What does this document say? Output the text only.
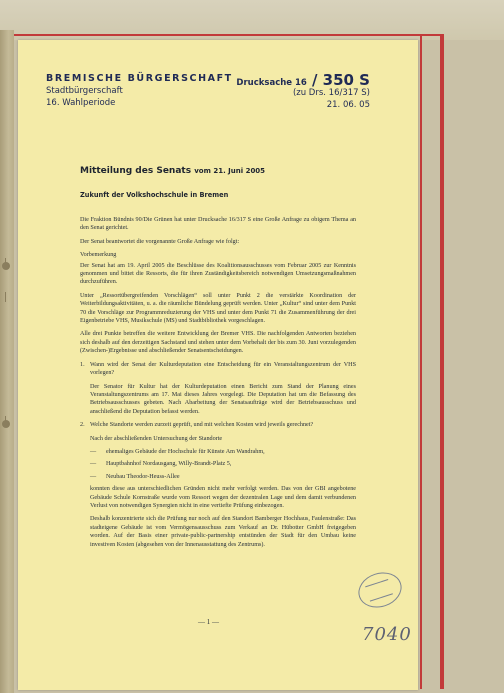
BREMISCHE BÜRGERSCHAFT
Stadtbürgerschaft
16. Wahlperiode
Drucksache 16 / 350 S
(zu Drs. 16/317 S)
21. 06. 05
Mitteilung des Senats vom 21. Juni 2005
Zukunft der Volkshochschule in Bremen

Die Fraktion Bündnis 90/Die Grünen hat unter Drucksache 16/317 S eine Große Anfrage zu obigem Thema an den Senat gerichtet.

Der Senat beantwortet die vorgenannte Große Anfrage wie folgt:

Vorbemerkung

Der Senat hat am 19. April 2005 die Beschlüsse des Koalitionsausschusses vom Februar 2005 zur Kenntnis genommen und bittet die Ressorts, die für ihren Zuständigkeitsbereich notwendigen Umsetzungsmaßnahmen durchzuführen.

Unter „Ressortübergreifenden Vorschlägen“ soll unter Punkt 2 die verstärkte Koordination der Weiterbildungsaktivitäten, u. a. die räumliche Bündelung geprüft werden. Unter „Kultur“ sind unter dem Punkt 70 die Vorschläge zur Programmreduzierung der VHS und unter dem Punkt 71 die Zusammenführung der drei Eigenbetriebe VHS, Musikschule (MS) und Stadtbibliothek vorgeschlagen.

Alle drei Punkte betreffen die weitere Entwicklung der Bremer VHS. Die nachfolgenden Antworten beziehen sich deshalb auf den derzeitigen Sachstand und stehen unter dem Vorbehalt der bis zum 30. Juni vorzulegenden (Zwischen-)Ergebnisse und abschließender Senatsentscheidungen.

1. Wann wird der Senat der Kulturdeputation eine Entscheidung für ein Veranstaltungszentrum der VHS vorlegen?

Der Senator für Kultur hat der Kulturdeputation einen Bericht zum Stand der Planung eines Veranstaltungszentrums am 17. Mai dieses Jahres vorgelegt. Die Deputation hat um die Befassung des Betriebsausschusses gebeten. Nach Abarbeitung der Senatsaufträge wird der Betriebsausschuss und anschließend die Deputation befasst werden.

2. Welche Standorte werden zurzeit geprüft, und mit welchen Kosten wird jeweils gerechnet?

Nach der abschließenden Untersuchung der Standorte

—	ehemaliges Gebäude der Hochschule für Künste Am Wandrahm,
—	Hauptbahnhof Nordausgang, Willy-Brandt-Platz 5,
—	Neubau Theodor-Heuss-Allee

konnten diese aus unterschiedlichen Gründen nicht mehr verfolgt werden. Das von der GBI angebotene Gebäude Schule Kornstraße wurde vom Ressort wegen der dezentralen Lage und dem damit verbundenen Verlust von notwendigen Synergien nicht in eine vertiefte Prüfung einbezogen.

Deshalb konzentrierte sich die Prüfung nur noch auf den Standort Bamberger Hochhaus, Faulenstraße: Das stadteigene Gebäude ist vom Vermögensausschuss zum Verkauf an Dr. Hübotter GmbH freigegeben worden. Auf der Basis einer private-public-partnership entstünden der Stadt für den Umbau keine investiven Kosten (abgesehen von der Innenausstattung des Zentrums).

— 1 —
7040
